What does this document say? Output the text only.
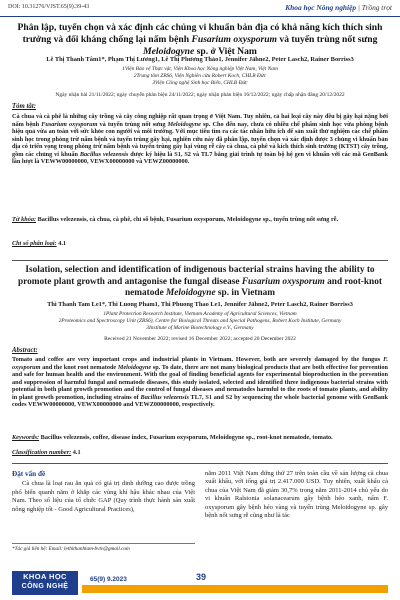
DOI: 10.31276/VJST.65(9).39-43	Khoa học Nông nghiệp | Trồng trọt
Phân lập, tuyển chọn và xác định các chủng vi khuẩn bản địa có khả năng kích thích sinh trưởng và đối kháng chống lại nấm bệnh Fusarium oxysporum và tuyến trùng nốt sưng Meloidogyne sp. ở Việt Nam
Lê Thị Thanh Tâm1*, Phạm Thị Lương1, Lê Thị Phương Thảo1, Jennifer Jähne2, Peter Lasch2, Rainer Borriss3
1Viện Bảo vệ Thực vật, Viện Khoa học Nông nghiệp Việt Nam, Việt Nam
2Trung tâm ZBS6, Viện Nghiên cứu Robert Koch, CHLB Đức
3Viện Công nghệ Sinh học Biển, CHLB Đức
Ngày nhận bài 21/11/2022; ngày chuyển phản biện 24/11/2022; ngày nhận phản biện 16/12/2022; ngày chấp nhận đăng 20/12/2022
Tóm tắt:
Cà chua và cà phê là những cây trồng và cây công nghiệp rất quan trọng ở Việt Nam. Tuy nhiên, cả hai loại cây này đều bị gây hại nặng bởi nấm bệnh Fusarium oxysporum và tuyến trùng nốt sưng Meloidogyne sp. Cho đến nay, chưa có nhiều chế phẩm sinh học vừa phòng bệnh hiệu quả vừa an toàn với sức khỏe con người và môi trường. Với mục tiêu tìm ra các tác nhân hữu ích để sản xuất thử nghiệm các chế phẩm sinh học trong phòng trừ nấm bệnh và tuyến trùng gây hại, nghiên cứu này đã phân lập, tuyển chọn và xác định được 3 chủng vi khuẩn bản địa có triển vọng trong phòng trừ nấm bệnh và tuyến trùng gây hại vùng rễ cây cà chua, cà phê và kích thích sinh trưởng (KTST) cây trồng, gồm các chủng vi khuẩn Bacillus velezensis được ký hiệu là S1, S2 và TL7 bằng giải trình tự toàn bộ hệ gen vi khuẩn với các mã GenBank lần lượt là VEWW00000000, VEWX00000000 và VEWZ00000000.
Từ khóa: Bacillus velezensis, cà chua, cà phê, chỉ số bệnh, Fusarium oxysporum, Meloidogyne sp., tuyến trùng nốt sưng rễ.
Chỉ số phân loại: 4.1
Isolation, selection and identification of indigenous bacterial strains having the ability to promote plant growth and antagonise the fungal disease Fusarium oxysporum and root-knot nematode Meloidogyne sp. in Vietnam
Thi Thanh Tam Le1*, Thi Luong Pham1, Thi Phuong Thao Le1, Jennifer Jähne2, Peter Lasch2, Rainer Borriss3
1Plant Protection Research Institute, Vietnam Academy of Agricultural Sciences, Vietnam
2Proteomics and Spectroscopy Unit (ZBS6), Centre for Biological Threats and Special Pathogens, Robert Koch Institute, Germany
3Institute of Marine Biotechnology e.V., Germany
Received 21 November 2022; revised 16 December 2022; accepted 20 December 2022
Abstract:
Tomato and coffee are very important crops and industrial plants in Vietnam. However, both are severely damaged by the fungus F. oxysporum and the knot root nematode Meloidogyne sp. To date, there are not many biological products that are both effective for prevention and safe for human health and the environment. With the goal of finding beneficial agents for experimental bioproduction in the prevention and suppression of harmful fungal and nematode diseases, this study isolated, selected and identified three indigenous bacterial strains with potential in both plant growth promotion and the control of fungal diseases and nematodes harmful to the roots of tomato plants, and ability in plant growth promotion, including strains of Bacillus velezensis TL7, S1 and S2 by sequencing the whole bacterial genome with GenBank codes VEWW00000000, VEWX00000000 and VEWZ00000000, respectively.
Keywords: Bacillus velezensis, coffee, disease index, Fusarium oxysporum, Meloidogyne sp., root-knot nematode, tomato.
Classification number: 4.1
Đặt vấn đề
Cà chua là loại rau ăn quả có giá trị dinh dưỡng cao được trồng phổ biến quanh năm ở khắp các vùng khí hậu khác nhau của Việt Nam. Theo số liệu của tổ chức GAP (Quy trình thực hành sản xuất nông nghiệp tốt - Good Agricultural Practices),
năm 2011 Việt Nam đứng thứ 27 trên toàn cầu về sản lượng cà chua xuất khẩu, với tổng giá trị 2.417.000 USD. Tuy nhiên, xuất khẩu cà chua của Việt Nam đã giảm 30,7% trong năm 2011-2014 chủ yếu do vi khuẩn Ralstonia solanacearum gây bệnh héo xanh, nấm F. oxysporum gây bệnh héo vàng và tuyến trùng Meloidogyne sp. gây bệnh nốt sưng rễ cũng như là tác
*Tác giả liên hệ: Email: lethithanhtam-bvtv@gmail.com
KHOA HỌC
CÔNG NGHỆ
65(9) 9.2023	39
